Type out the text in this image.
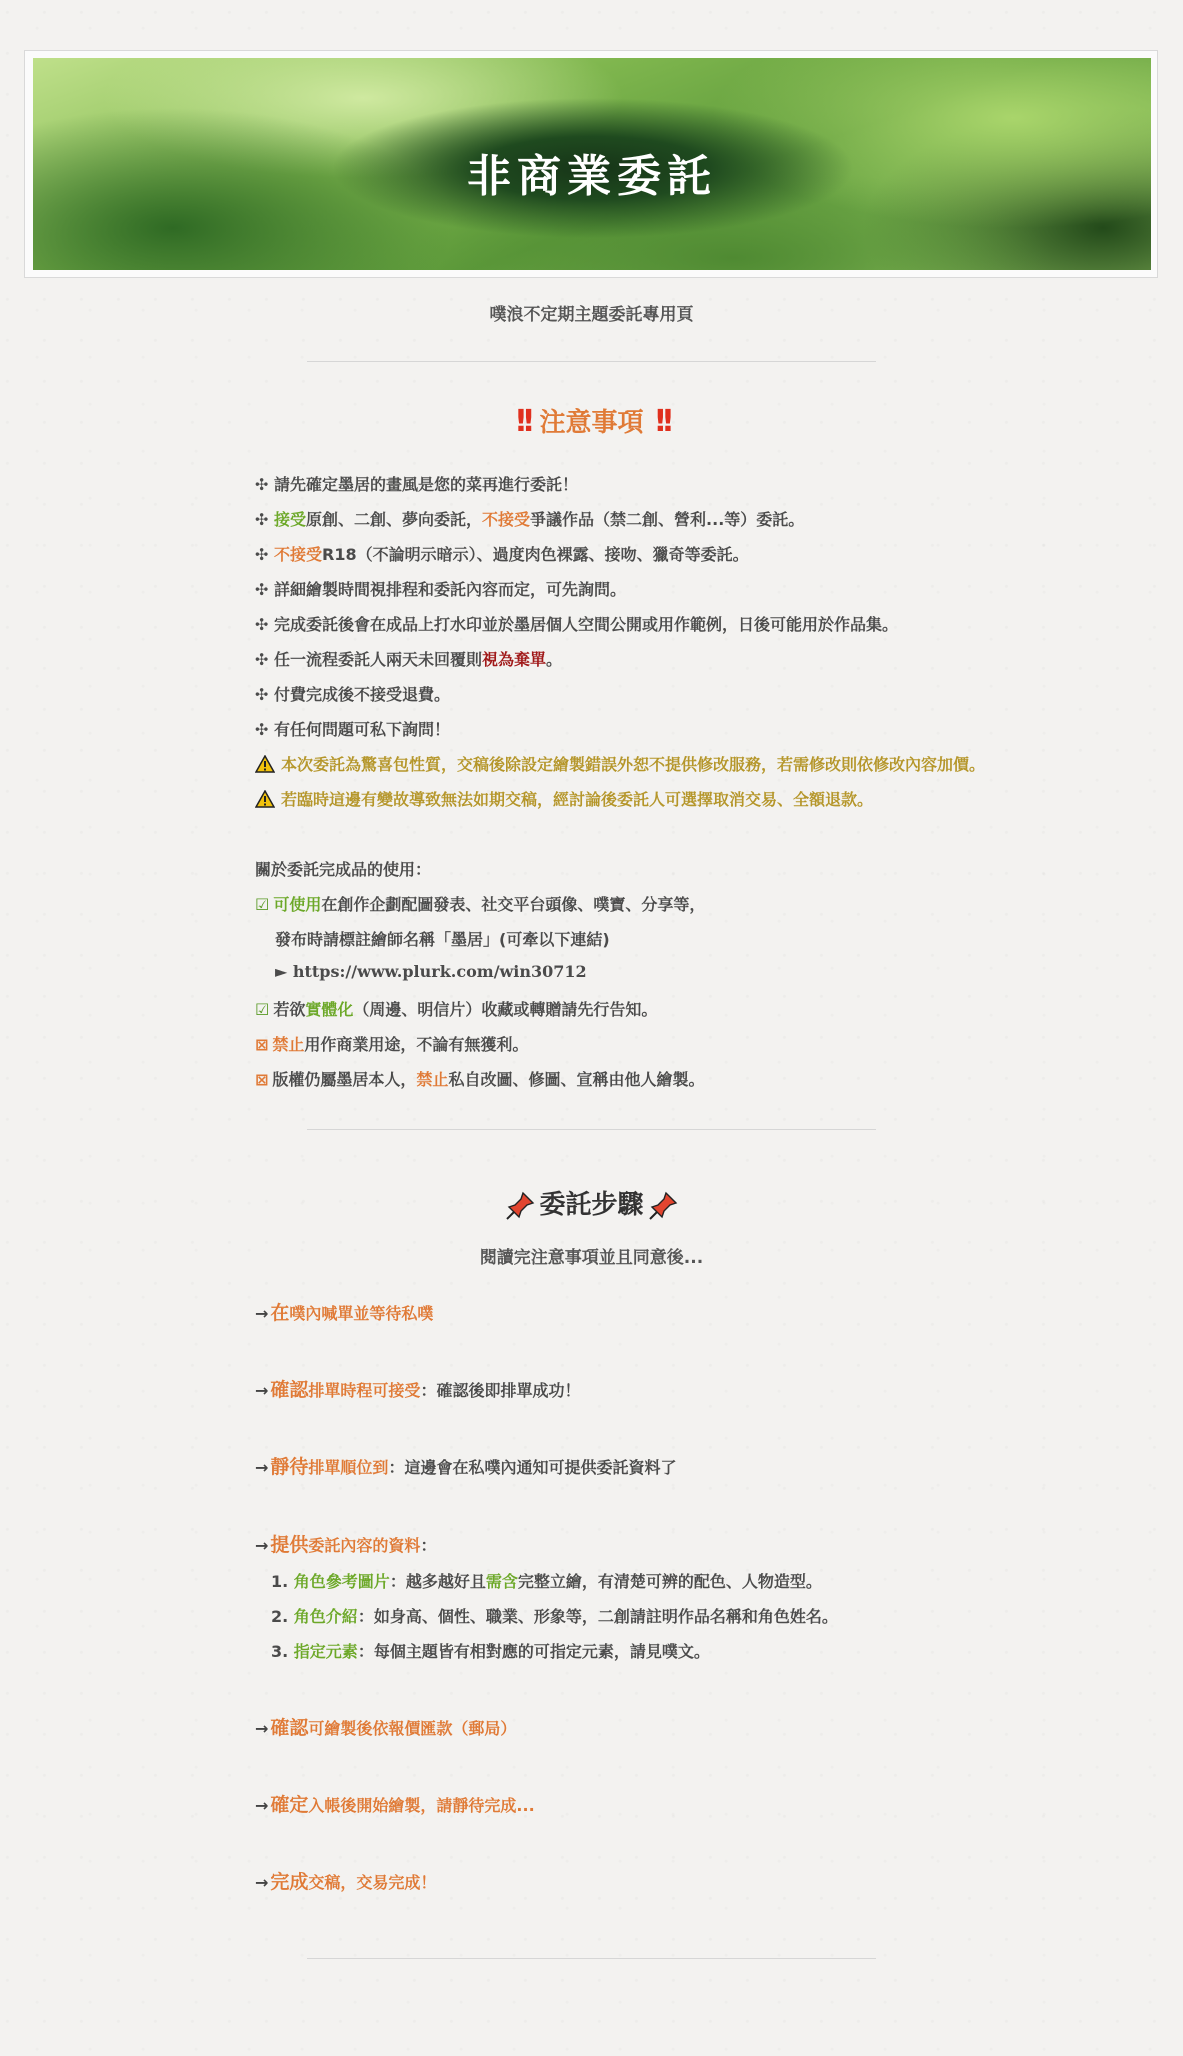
非商業委託
噗浪不定期主題委託專用頁
!! 注意事項 !!
✣ 請先確定墨居的畫風是您的菜再進行委託！
✣ 接受原創、二創、夢向委託，不接受爭議作品（禁二創、營利...等）委託。
✣ 不接受R18（不論明示暗示）、過度肉色裸露、接吻、獵奇等委託。
✣ 詳細繪製時間視排程和委託內容而定，可先詢問。
✣ 完成委託後會在成品上打水印並於墨居個人空間公開或用作範例，日後可能用於作品集。
✣ 任一流程委託人兩天未回覆則視為棄單。
✣ 付費完成後不接受退費。
✣ 有任何問題可私下詢問！
本次委託為驚喜包性質，交稿後除設定繪製錯誤外恕不提供修改服務，若需修改則依修改內容加價。
若臨時這邊有變故導致無法如期交稿，經討論後委託人可選擇取消交易、全額退款。
關於委託完成品的使用：
☑ 可使用在創作企劃配圖發表、社交平台頭像、噗寶、分享等，
發布時請標註繪師名稱「墨居」(可牽以下連結)
► https://www.plurk.com/win30712
☑ 若欲實體化（周邊、明信片）收藏或轉贈請先行告知。
⊠ 禁止用作商業用途，不論有無獲利。
⊠ 版權仍屬墨居本人，禁止私自改圖、修圖、宣稱由他人繪製。
委託步驟
閱讀完注意事項並且同意後...
→ 在噗內喊單並等待私噗
→ 確認排單時程可接受：確認後即排單成功！
→ 靜待排單順位到：這邊會在私噗內通知可提供委託資料了
→ 提供委託內容的資料：
1. 角色參考圖片：越多越好且需含完整立繪，有清楚可辨的配色、人物造型。
2. 角色介紹：如身高、個性、職業、形象等，二創請註明作品名稱和角色姓名。
3. 指定元素：每個主題皆有相對應的可指定元素，請見噗文。
→ 確認可繪製後依報價匯款（郵局）
→ 確定入帳後開始繪製，請靜待完成...
→ 完成交稿，交易完成！
